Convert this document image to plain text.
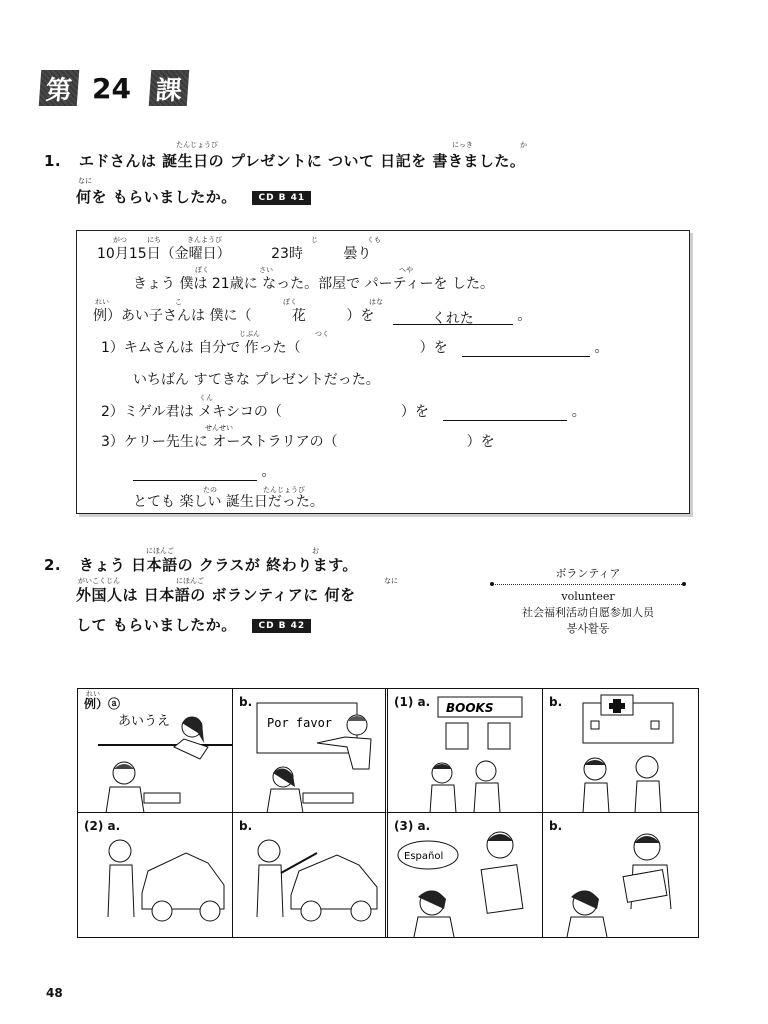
第 24 課
たんじょうび	にっき	か
1. エドさんは 誕生日の プレゼントに ついて 日記を 書きました。
なに
何を もらいましたか。 CD B 41
がつ	にち	きんようび	じ	くも
10月15日（金曜日）	23時	曇り
ぼく	さい	へや
きょう 僕は 21歳に なった。部屋で パーティーを した。
れい	こ	ぼく	はな
例）あい子さんは 僕に（	花	）を	くれた	。
じぶん	つく
1）キムさんは 自分で 作った（	）を	。
いちばん すてきな プレゼントだった。
くん
2）ミゲル君は メキシコの（	）を	。
せんせい
3）ケリー先生に オーストラリアの（	）を
。
たの	たんじょうび
とても 楽しい 誕生日だった。
にほんご	お
2. きょう 日本語の クラスが 終わります。
がいこくじん	にほんご	なに
外国人は 日本語の ボランティアに 何を
して もらいましたか。 CD B 42
ボランティア
volunteer
社会福利活动自愿参加人员
봉사활동
れい
例）ⓐ
あいうえ
b.
Por favor
(1) a. BOOKS	b.
(2) a.	b.	(3) a.
Español
b.
48
